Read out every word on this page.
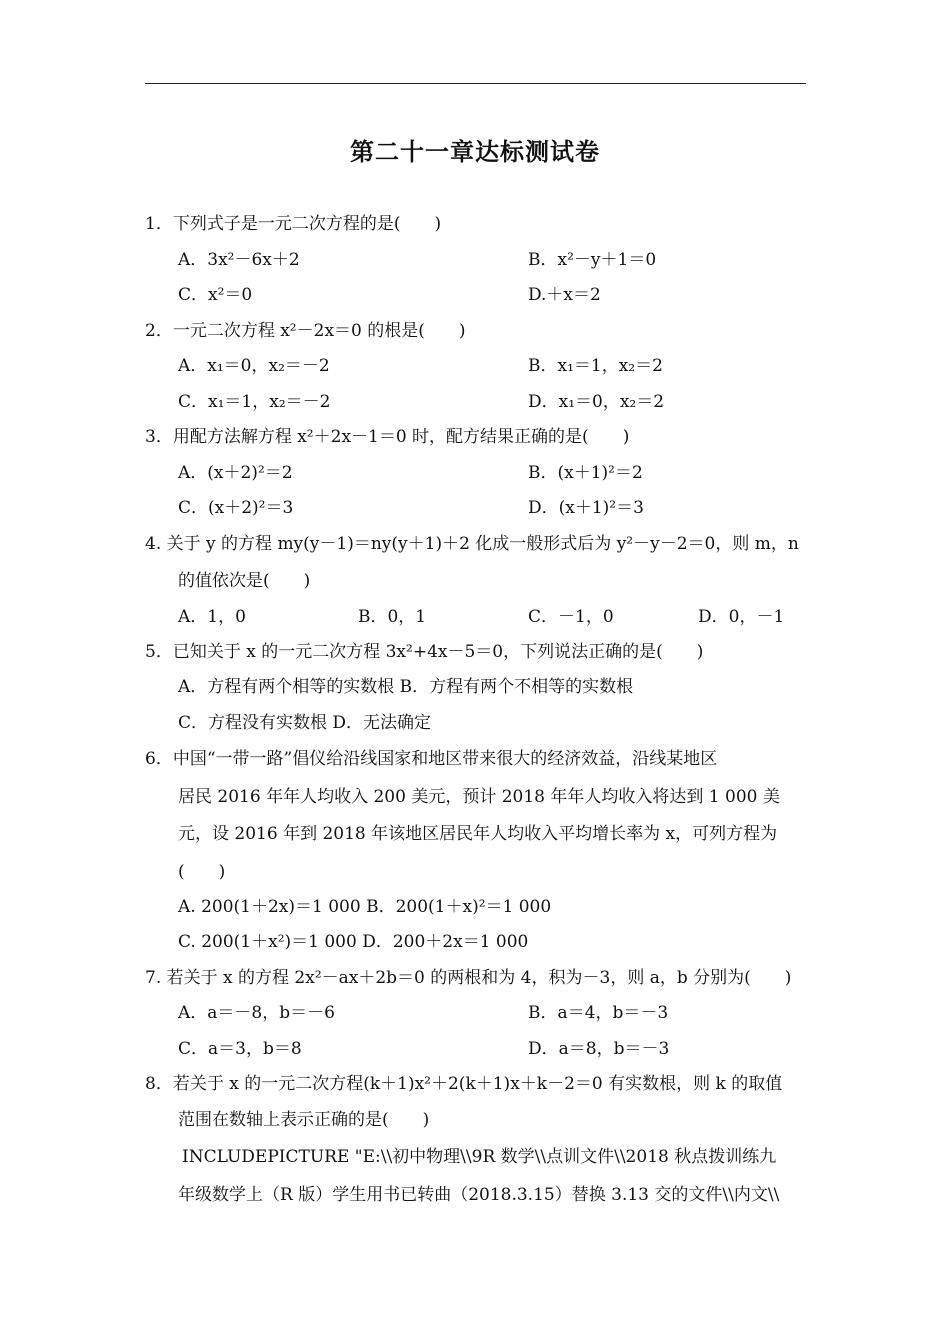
第二十一章达标测试卷
1．下列式子是一元二次方程的是(　　)
A．3x²－6x＋2	B．x²－y＋1＝0
C．x²＝0	D.＋x＝2
2．一元二次方程 x²－2x＝0 的根是(　　)
A．x₁＝0，x₂＝－2	B．x₁＝1，x₂＝2
C．x₁＝1，x₂＝－2	D．x₁＝0，x₂＝2
3．用配方法解方程 x²＋2x－1＝0 时，配方结果正确的是(　　)
A．(x＋2)²＝2	B．(x＋1)²＝2
C．(x＋2)²＝3	D．(x＋1)²＝3
4. 关于 y 的方程 my(y－1)＝ny(y＋1)＋2 化成一般形式后为 y²－y－2＝0，则 m，n
的值依次是(　　)
A．1，0	B．0，1	C．－1，0	D．0，－1
5．已知关于 x 的一元二次方程 3x²+4x－5＝0，下列说法正确的是(　　)
A．方程有两个相等的实数根 B．方程有两个不相等的实数根
C．方程没有实数根 D．无法确定
6．中国“一带一路”倡仪给沿线国家和地区带来很大的经济效益，沿线某地区
居民 2016 年年人均收入 200 美元，预计 2018 年年人均收入将达到 1 000 美
元，设 2016 年到 2018 年该地区居民年人均收入平均增长率为 x，可列方程为
(　　)
A. 200(1＋2x)＝1 000 B．200(1＋x)²＝1 000
C. 200(1＋x²)＝1 000 D．200＋2x＝1 000
7. 若关于 x 的方程 2x²－ax＋2b＝0 的两根和为 4，积为－3，则 a，b 分别为(　　)
A．a＝－8，b＝－6	B．a＝4，b＝－3
C．a＝3，b＝8	D．a＝8，b＝－3
8．若关于 x 的一元二次方程(k＋1)x²＋2(k＋1)x＋k－2＝0 有实数根，则 k 的取值
范围在数轴上表示正确的是(　　)
INCLUDEPICTURE "E:\\初中物理\\9R 数学\\点训文件\\2018 秋点拨训练九
年级数学上（R 版）学生用书已转曲（2018.3.15）替换 3.13 交的文件\\内文\\
